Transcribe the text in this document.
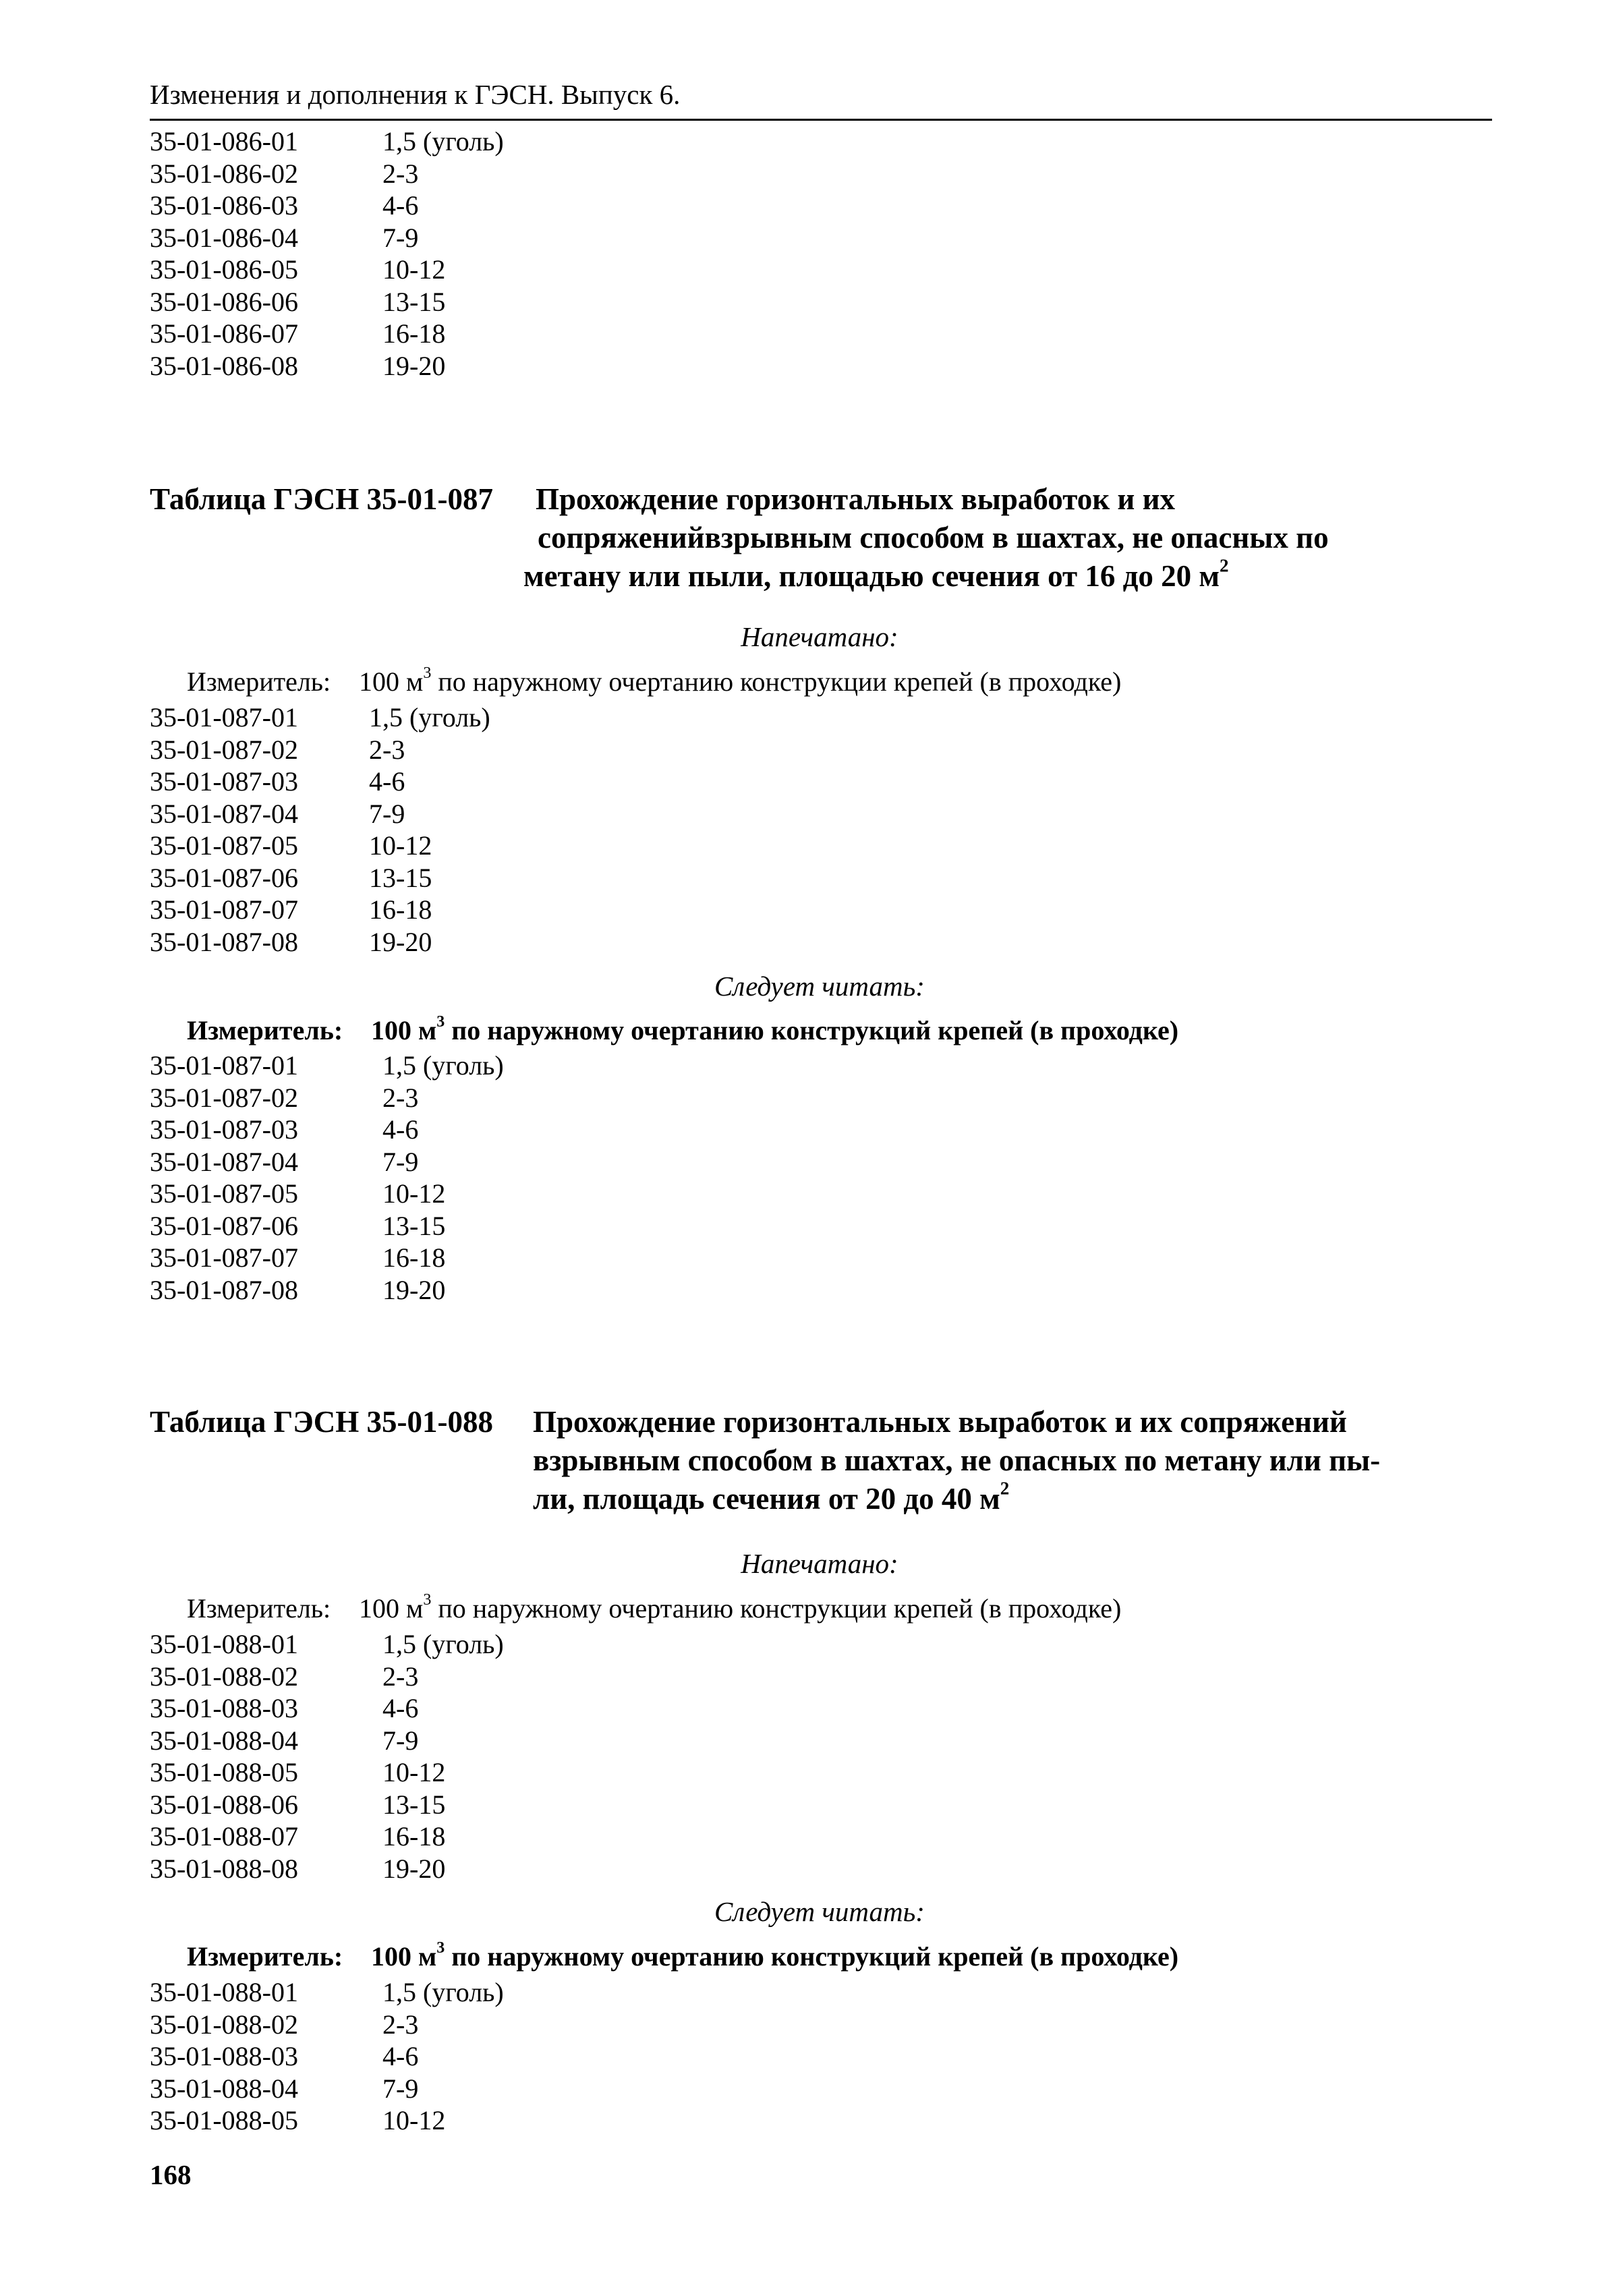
Изменения и дополнения к ГЭСН. Выпуск 6.
35-01-086-01	1,5 (уголь)
35-01-086-02	2-3
35-01-086-03	4-6
35-01-086-04	7-9
35-01-086-05	10-12
35-01-086-06	13-15
35-01-086-07	16-18
35-01-086-08	19-20
Таблица ГЭСН 35-01-087 Прохождение горизонтальных выработок и их
сопряженийвзрывным способом в шахтах, не опасных по
метану или пыли, площадью сечения от 16 до 20 $м^2$
Напечатано:
Измеритель: 100 $м^3$ по наружному очертанию конструкции крепей (в проходке)
35-01-087-01	1,5 (уголь)
35-01-087-02	2-3
35-01-087-03	4-6
35-01-087-04	7-9
35-01-087-05	10-12
35-01-087-06	13-15
35-01-087-07	16-18
35-01-087-08	19-20
Следует читать:
Измеритель: 100 $м^3$ по наружному очертанию конструкций крепей (в проходке)
35-01-087-01	1,5 (уголь)
35-01-087-02	2-3
35-01-087-03	4-6
35-01-087-04	7-9
35-01-087-05	10-12
35-01-087-06	13-15
35-01-087-07	16-18
35-01-087-08	19-20
Таблица ГЭСН 35-01-088 Прохождение горизонтальных выработок и их сопряжений
взрывным способом в шахтах, не опасных по метану или пы-
ли, площадь сечения от 20 до 40 $м^2$
Напечатано:
Измеритель: 100 $м^3$ по наружному очертанию конструкции крепей (в проходке)
35-01-088-01	1,5 (уголь)
35-01-088-02	2-3
35-01-088-03	4-6
35-01-088-04	7-9
35-01-088-05	10-12
35-01-088-06	13-15
35-01-088-07	16-18
35-01-088-08	19-20
Следует читать:
Измеритель: 100 $м^3$ по наружному очертанию конструкций крепей (в проходке)
35-01-088-01	1,5 (уголь)
35-01-088-02	2-3
35-01-088-03	4-6
35-01-088-04	7-9
35-01-088-05	10-12
168
